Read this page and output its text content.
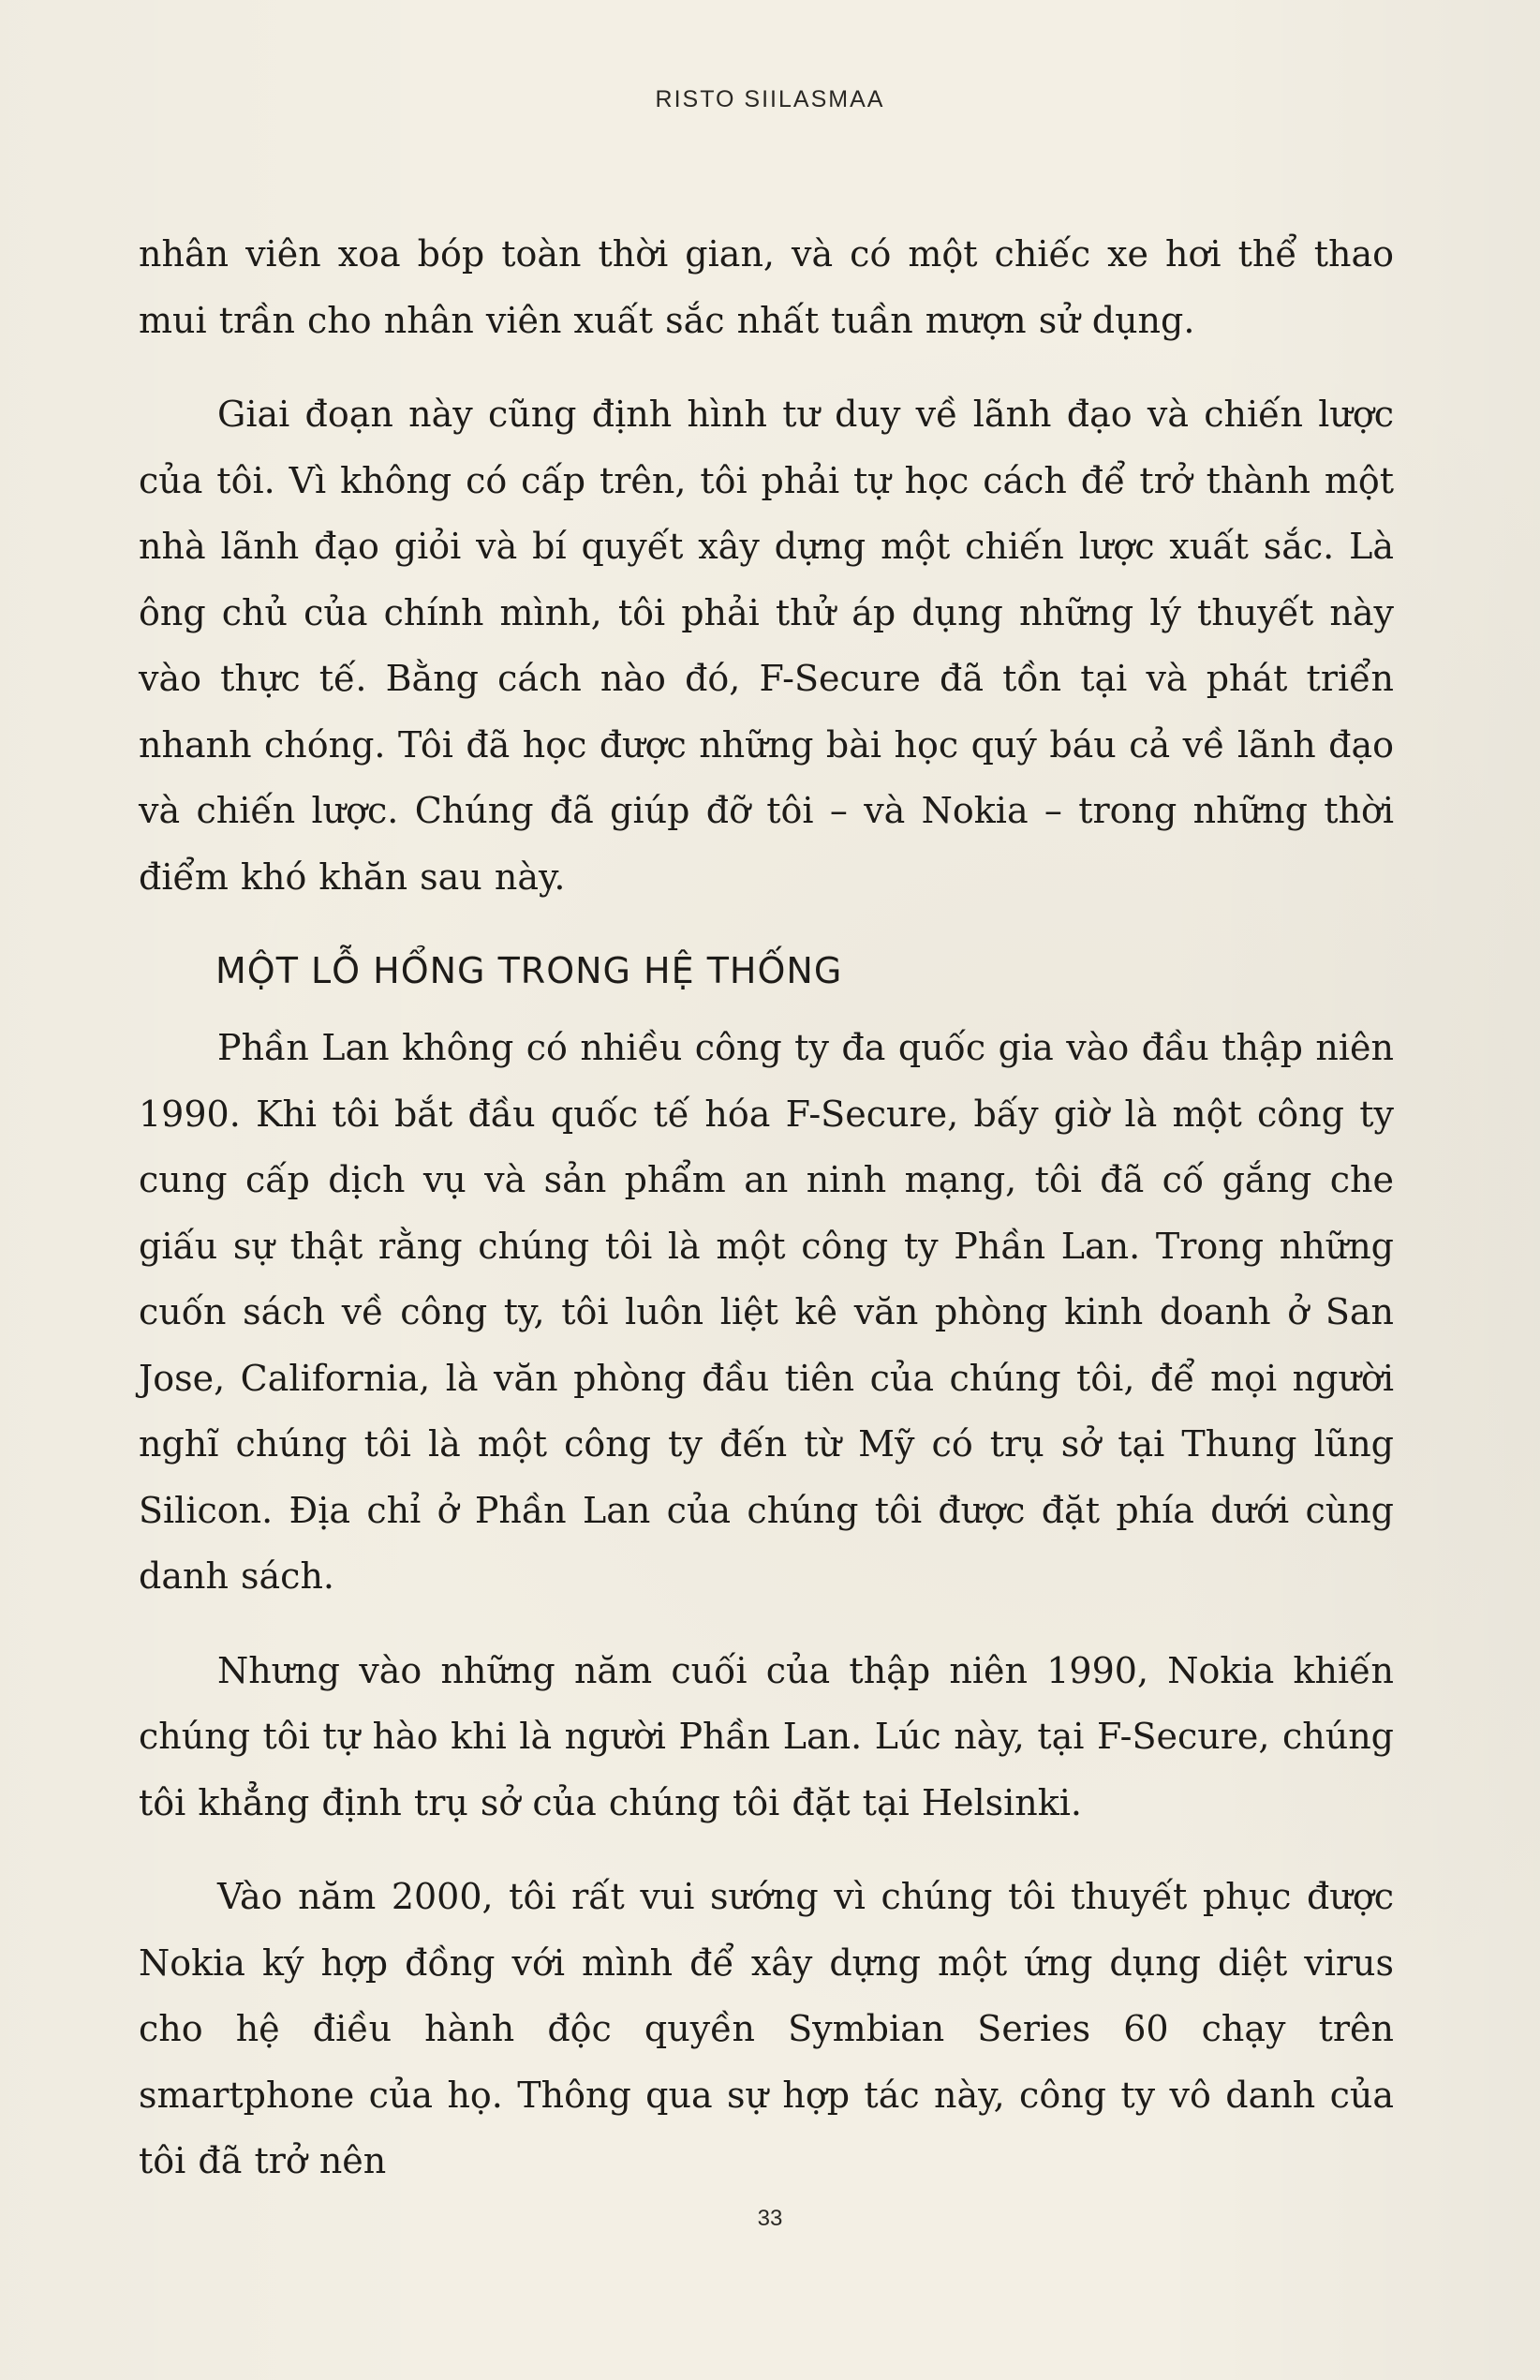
RISTO SIILASMAA

nhân viên xoa bóp toàn thời gian, và có một chiếc xe hơi thể thao mui trần cho nhân viên xuất sắc nhất tuần mượn sử dụng.

Giai đoạn này cũng định hình tư duy về lãnh đạo và chiến lược của tôi. Vì không có cấp trên, tôi phải tự học cách để trở thành một nhà lãnh đạo giỏi và bí quyết xây dựng một chiến lược xuất sắc. Là ông chủ của chính mình, tôi phải thử áp dụng những lý thuyết này vào thực tế. Bằng cách nào đó, F-Secure đã tồn tại và phát triển nhanh chóng. Tôi đã học được những bài học quý báu cả về lãnh đạo và chiến lược. Chúng đã giúp đỡ tôi – và Nokia – trong những thời điểm khó khăn sau này.

MỘT LỖ HỔNG TRONG HỆ THỐNG

Phần Lan không có nhiều công ty đa quốc gia vào đầu thập niên 1990. Khi tôi bắt đầu quốc tế hóa F-Secure, bấy giờ là một công ty cung cấp dịch vụ và sản phẩm an ninh mạng, tôi đã cố gắng che giấu sự thật rằng chúng tôi là một công ty Phần Lan. Trong những cuốn sách về công ty, tôi luôn liệt kê văn phòng kinh doanh ở San Jose, California, là văn phòng đầu tiên của chúng tôi, để mọi người nghĩ chúng tôi là một công ty đến từ Mỹ có trụ sở tại Thung lũng Silicon. Địa chỉ ở Phần Lan của chúng tôi được đặt phía dưới cùng danh sách.

Nhưng vào những năm cuối của thập niên 1990, Nokia khiến chúng tôi tự hào khi là người Phần Lan. Lúc này, tại F-Secure, chúng tôi khẳng định trụ sở của chúng tôi đặt tại Helsinki.

Vào năm 2000, tôi rất vui sướng vì chúng tôi thuyết phục được Nokia ký hợp đồng với mình để xây dựng một ứng dụng diệt virus cho hệ điều hành độc quyền Symbian Series 60 chạy trên smartphone của họ. Thông qua sự hợp tác này, công ty vô danh của tôi đã trở nên

33
